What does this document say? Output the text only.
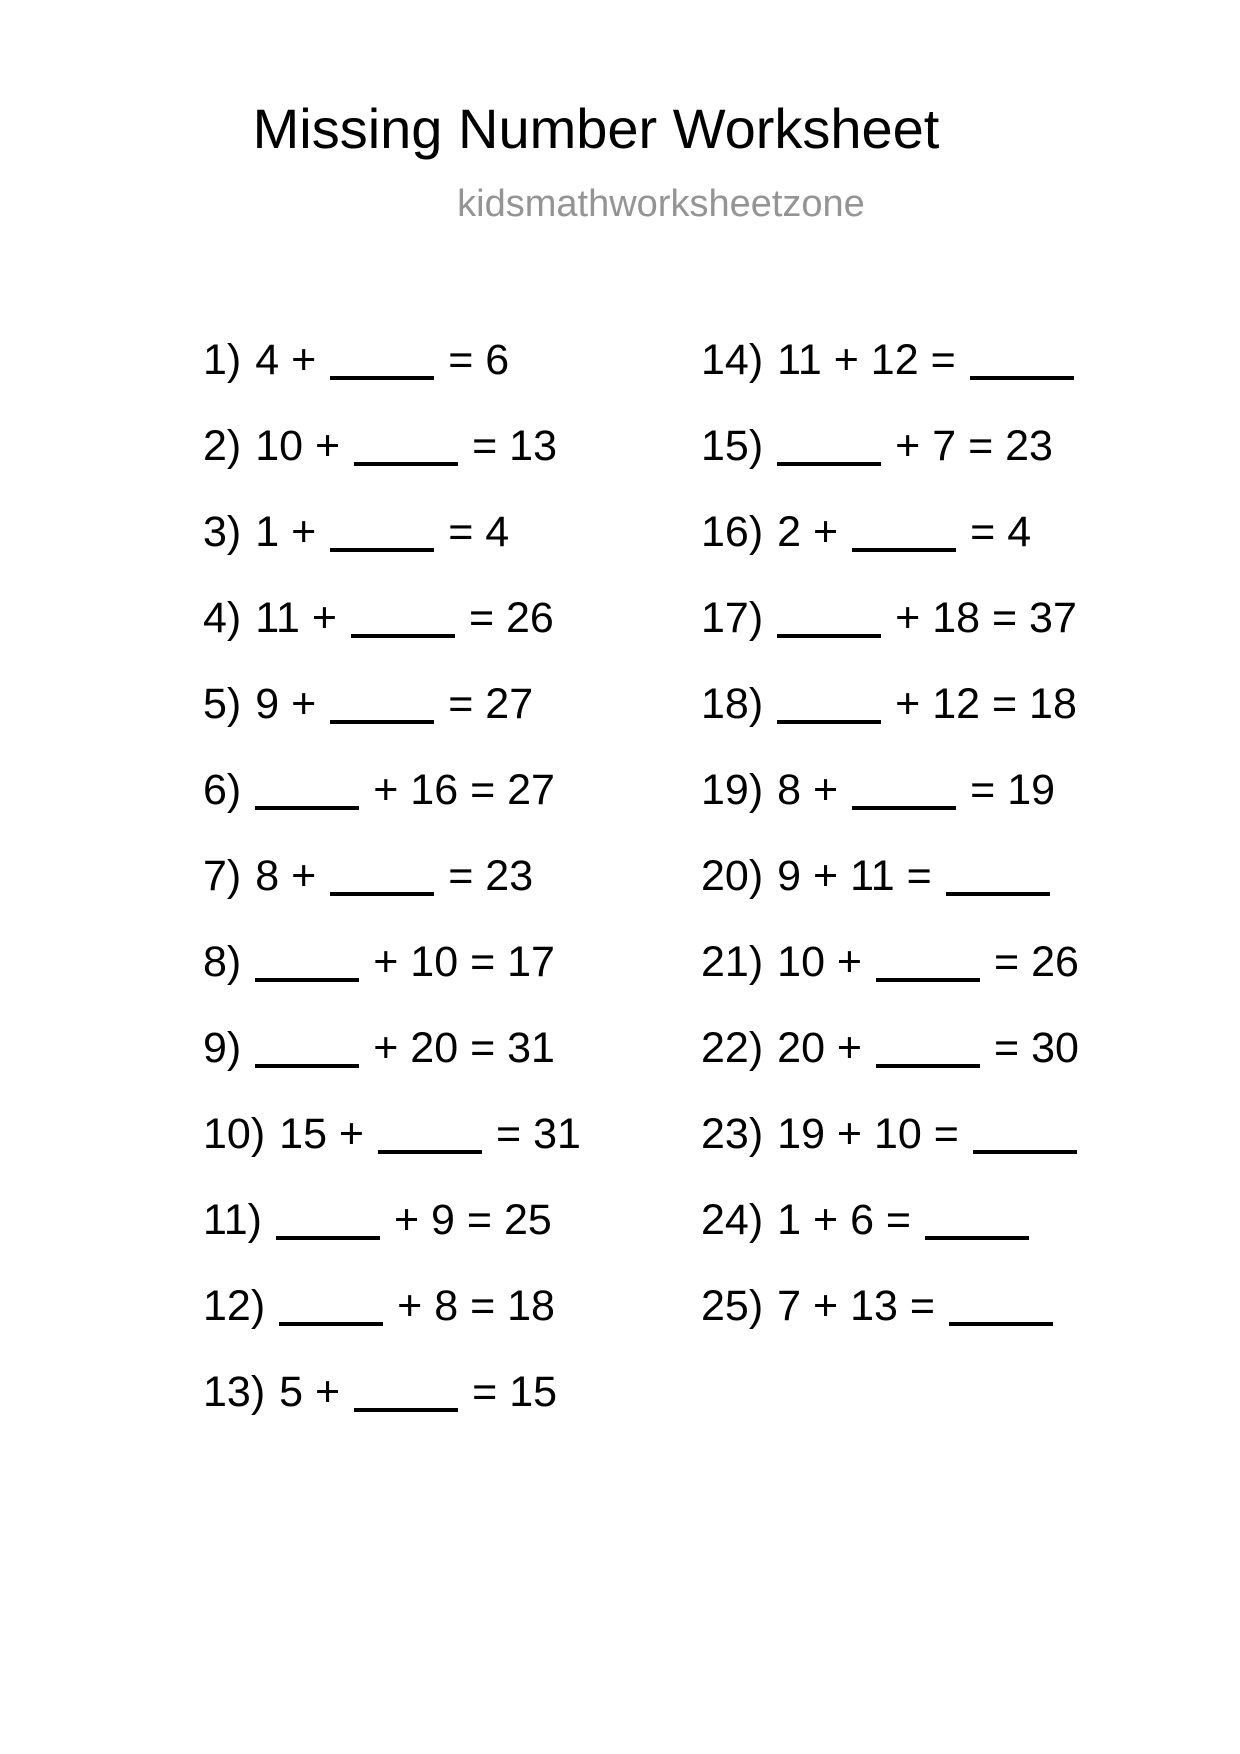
Missing Number Worksheet
kidsmathworksheetzone
1) 4 +	= 6
2) 10 +	= 13
3) 1 +	= 4
4) 11 +	= 26
5) 9 +	= 27
6)	+ 16 = 27
7) 8 +	= 23
8)	+ 10 = 17
9)	+ 20 = 31
10) 15 +	= 31
11)	+ 9 = 25
12)	+ 8 = 18
13) 5 +	= 15
14) 11 + 12 =
15)	+ 7 = 23
16) 2 +	= 4
17)	+ 18 = 37
18)	+ 12 = 18
19) 8 +	= 19
20) 9 + 11 =
21) 10 +	= 26
22) 20 +	= 30
23) 19 + 10 =
24) 1 + 6 =
25) 7 + 13 =
